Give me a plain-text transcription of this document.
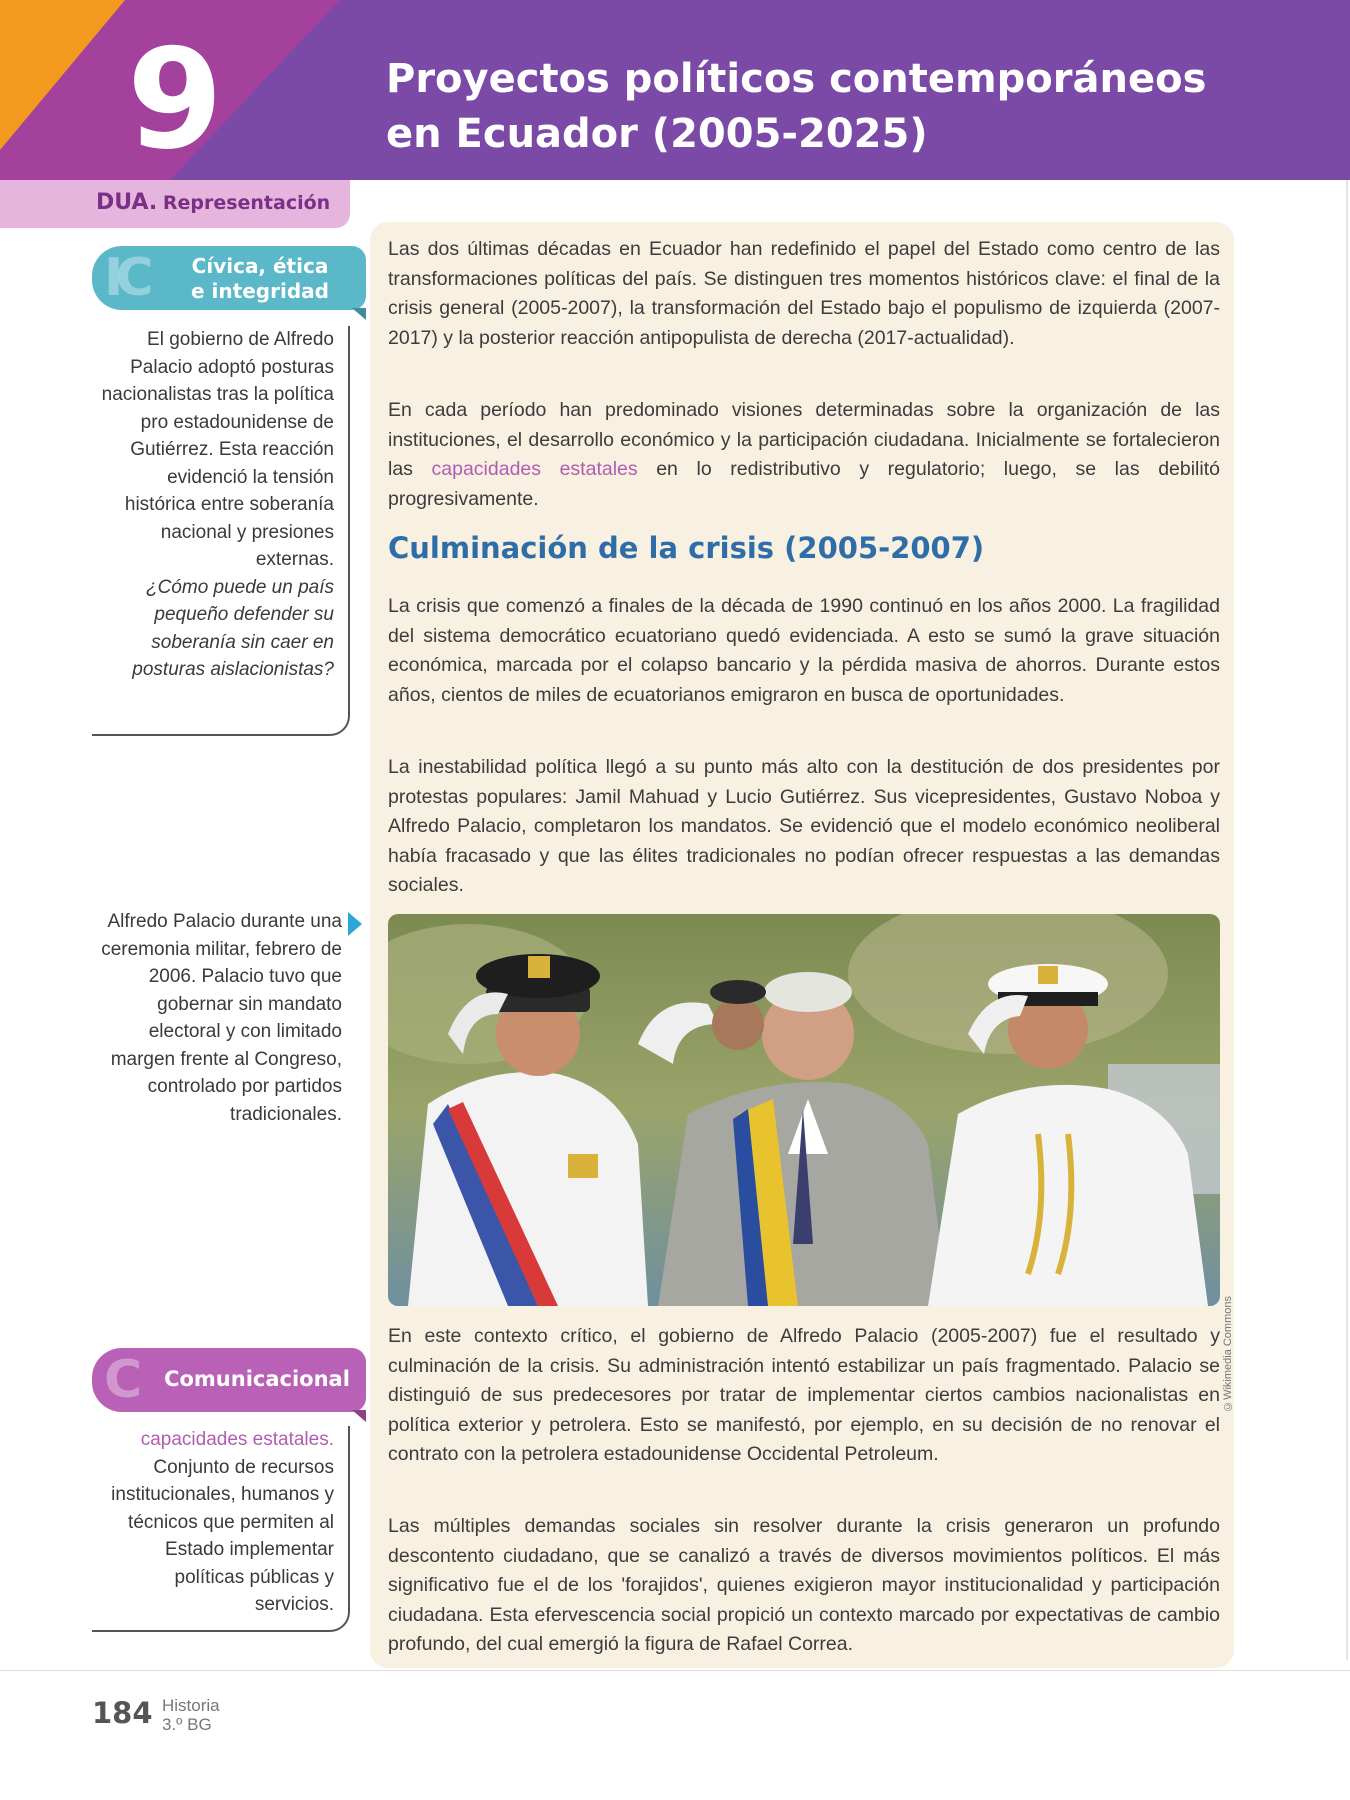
9	Proyectos políticos contemporáneos
en Ecuador (2005-2025)
DUA. Representación

Las dos últimas décadas en Ecuador han redefinido el papel del Estado como centro de las transformaciones políticas del país. Se distinguen tres momentos históricos clave: el final de la crisis general (2005-2007), la transformación del Estado bajo el populismo de izquierda (2007-2017) y la posterior reacción antipopulista de derecha (2017-actualidad).

En cada período han predominado visiones determinadas sobre la organización de las instituciones, el desarrollo económico y la participación ciudadana. Inicialmente se fortalecieron las capacidades estatales en lo redistributivo y regulatorio; luego, se las debilitó progresivamente.

Culminación de la crisis (2005-2007)

La crisis que comenzó a finales de la década de 1990 continuó en los años 2000. La fragilidad del sistema democrático ecuatoriano quedó evidenciada. A esto se sumó la grave situación económica, marcada por el colapso bancario y la pérdida masiva de ahorros. Durante estos años, cientos de miles de ecuatorianos emigraron en busca de oportunidades.

La inestabilidad política llegó a su punto más alto con la destitución de dos presidentes por protestas populares: Jamil Mahuad y Lucio Gutiérrez. Sus vicepresidentes, Gustavo Noboa y Alfredo Palacio, completaron los mandatos. Se evidenció que el modelo económico neoliberal había fracasado y que las élites tradicionales no podían ofrecer respuestas a las demandas sociales.

©Wikimedia Commons

En este contexto crítico, el gobierno de Alfredo Palacio (2005-2007) fue el resultado y culminación de la crisis. Su administración intentó estabilizar un país fragmentado. Palacio se distinguió de sus predecesores por tratar de implementar ciertos cambios nacionalistas en política exterior y petrolera. Esto se manifestó, por ejemplo, en su decisión de no renovar el contrato con la petrolera estadounidense Occidental Petroleum.

Las múltiples demandas sociales sin resolver durante la crisis generaron un profundo descontento ciudadano, que se canalizó a través de diversos movimientos políticos. El más significativo fue el de los 'forajidos', quienes exigieron mayor institucionalidad y participación ciudadana. Esta efervescencia social propició un contexto marcado por expectativas de cambio profundo, del cual emergió la figura de Rafael Correa.

IC	Cívica, ética
e integridad

El gobierno de Alfredo Palacio adoptó posturas nacionalistas tras la política pro estadounidense de Gutiérrez. Esta reacción evidenció la tensión histórica entre soberanía nacional y presiones externas.

¿Cómo puede un país pequeño defender su soberanía sin caer en posturas aislacionistas?

Alfredo Palacio durante una ceremonia militar, febrero de 2006. Palacio tuvo que gobernar sin mandato electoral y con limitado margen frente al Congreso, controlado por partidos tradicionales.

C	Comunicacional

capacidades estatales.
Conjunto de recursos institucionales, humanos y técnicos que permiten al Estado implementar políticas públicas y servicios.

184 Historia

3.º BG
